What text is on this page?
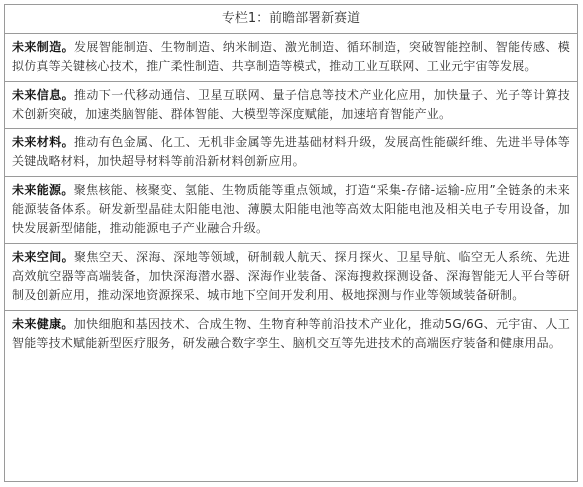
专栏1：前瞻部署新赛道
未来制造。发展智能制造、生物制造、纳米制造、激光制造、循环制造，突破智能控制、智能传感、模拟仿真等关键核心技术，推广柔性制造、共享制造等模式，推动工业互联网、工业元宇宙等发展。
未来信息。推动下一代移动通信、卫星互联网、量子信息等技术产业化应用，加快量子、光子等计算技术创新突破，加速类脑智能、群体智能、大模型等深度赋能，加速培育智能产业。
未来材料。推动有色金属、化工、无机非金属等先进基础材料升级，发展高性能碳纤维、先进半导体等关键战略材料，加快超导材料等前沿新材料创新应用。
未来能源。聚焦核能、核聚变、氢能、生物质能等重点领域，打造“采集-存储-运输-应用”全链条的未来能源装备体系。研发新型晶硅太阳能电池、薄膜太阳能电池等高效太阳能电池及相关电子专用设备，加快发展新型储能，推动能源电子产业融合升级。
未来空间。聚焦空天、深海、深地等领域，研制载人航天、探月探火、卫星导航、临空无人系统、先进高效航空器等高端装备，加快深海潜水器、深海作业装备、深海搜救探测设备、深海智能无人平台等研制及创新应用，推动深地资源探采、城市地下空间开发利用、极地探测与作业等领域装备研制。
未来健康。加快细胞和基因技术、合成生物、生物育种等前沿技术产业化，推动5G/6G、元宇宙、人工智能等技术赋能新型医疗服务，研发融合数字孪生、脑机交互等先进技术的高端医疗装备和健康用品。
